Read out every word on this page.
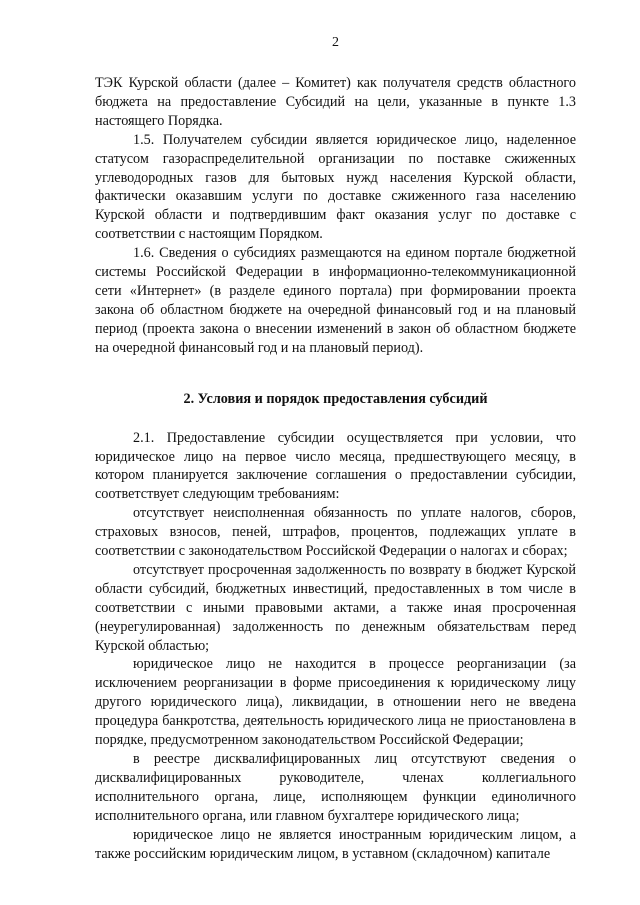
2

ТЭК Курской области (далее – Комитет) как получателя средств областного бюджета на предоставление Субсидий на цели, указанные в пункте 1.3 настоящего Порядка.

1.5. Получателем субсидии является юридическое лицо, наделенное статусом газораспределительной организации по поставке сжиженных углеводородных газов для бытовых нужд населения Курской области, фактически оказавшим услуги по доставке сжиженного газа населению Курской области и подтвердившим факт оказания услуг по доставке с соответствии с настоящим Порядком.

1.6. Сведения о субсидиях размещаются на едином портале бюджетной системы Российской Федерации в информационно-телекоммуникационной сети «Интернет» (в разделе единого портала) при формировании проекта закона об областном бюджете на очередной финансовый год и на плановый период (проекта закона о внесении изменений в закон об областном бюджете на очередной финансовый год и на плановый период).

2. Условия и порядок предоставления субсидий

2.1. Предоставление субсидии осуществляется при условии, что юридическое лицо на первое число месяца, предшествующего месяцу, в котором планируется заключение соглашения о предоставлении субсидии, соответствует следующим требованиям:

отсутствует неисполненная обязанность по уплате налогов, сборов, страховых взносов, пеней, штрафов, процентов, подлежащих уплате в соответствии с законодательством Российской Федерации о налогах и сборах;

отсутствует просроченная задолженность по возврату в бюджет Курской области субсидий, бюджетных инвестиций, предоставленных в том числе в соответствии с иными правовыми актами, а также иная просроченная (неурегулированная) задолженность по денежным обязательствам перед Курской областью;

юридическое лицо не находится в процессе реорганизации (за исключением реорганизации в форме присоединения к юридическому лицу другого юридического лица), ликвидации, в отношении него не введена процедура банкротства, деятельность юридического лица не приостановлена в порядке, предусмотренном законодательством Российской Федерации;

в реестре дисквалифицированных лиц отсутствуют сведения о дисквалифицированных руководителе, членах коллегиального исполнительного органа, лице, исполняющем функции единоличного исполнительного органа, или главном бухгалтере юридического лица;

юридическое лицо не является иностранным юридическим лицом, а также российским юридическим лицом, в уставном (складочном) капитале
